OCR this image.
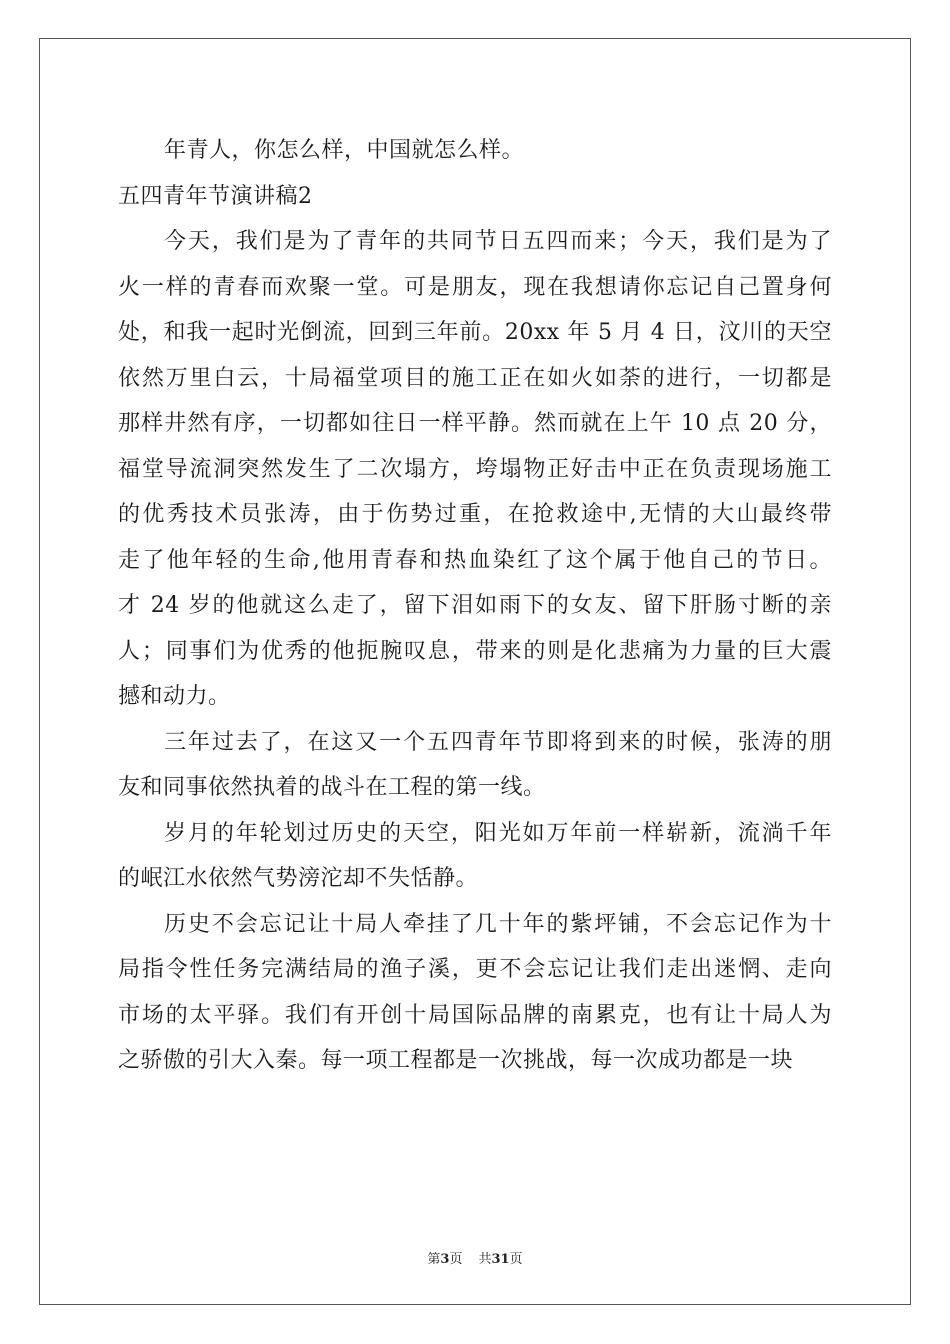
年青人，你怎么样，中国就怎么样。

五四青年节演讲稿2

今天，我们是为了青年的共同节日五四而来；今天，我们是为了
火一样的青春而欢聚一堂。可是朋友，现在我想请你忘记自己置身何
处，和我一起时光倒流，回到三年前。20xx 年 5 月 4 日，汶川的天空
依然万里白云，十局福堂项目的施工正在如火如荼的进行，一切都是
那样井然有序，一切都如往日一样平静。然而就在上午 10 点 20 分，
福堂导流洞突然发生了二次塌方，垮塌物正好击中正在负责现场施工
的优秀技术员张涛，由于伤势过重，在抢救途中,无情的大山最终带
走了他年轻的生命,他用青春和热血染红了这个属于他自己的节日。
才 24 岁的他就这么走了，留下泪如雨下的女友、留下肝肠寸断的亲
人；同事们为优秀的他扼腕叹息，带来的则是化悲痛为力量的巨大震
撼和动力。
三年过去了，在这又一个五四青年节即将到来的时候，张涛的朋
友和同事依然执着的战斗在工程的第一线。
岁月的年轮划过历史的天空，阳光如万年前一样崭新，流淌千年
的岷江水依然气势滂沱却不失恬静。
历史不会忘记让十局人牵挂了几十年的紫坪铺，不会忘记作为十
局指令性任务完满结局的渔子溪，更不会忘记让我们走出迷惘、走向
市场的太平驿。我们有开创十局国际品牌的南累克，也有让十局人为
之骄傲的引大入秦。每一项工程都是一次挑战，每一次成功都是一块
第3页 共31页
